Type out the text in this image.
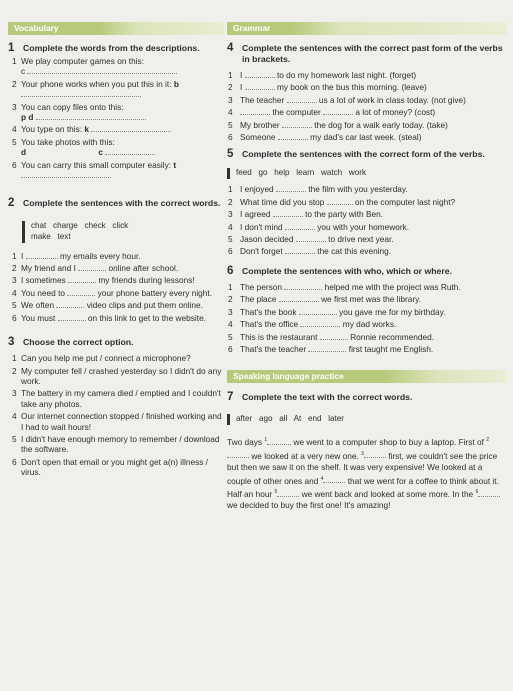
Vocabulary
1 Complete the words from the descriptions.
1 We play computer games on this:
c
2 Your phone works when you put this in it: b
3 You can copy files onto this:
p d
4 You type on this: k
5 You take photos with this:
d c
6 You can carry this small computer easily: t
2 Complete the sentences with the correct words.
chat   charge   check   click
make   text
1 I	my emails every hour.
2 My friend and I	online after school.
3 I sometimes	my friends during lessons!
4 You need to	your phone battery every night.
5 We often	video clips and put them online.
6 You must	on this link to get to the website.
3 Choose the correct option.
1 Can you help me put / connect a microphone?
2 My computer fell / crashed yesterday so I didn't do any work.
3 The battery in my camera died / emptied and I couldn't take any photos.
4 Our internet connection stopped / finished working and I had to wait hours!
5 I didn't have enough memory to remember / download the software.
6 Don't open that email or you might get a(n) illness / virus.
Grammar
4 Complete the sentences with the correct past form of the verbs in brackets.
1 I	to do my homework last night. (forget)
2 I	my book on the bus this morning. (leave)
3 The teacher	us a lot of work in class today. (not give)
4	the computer	a lot of money? (cost)
5 My brother	the dog for a walk early today. (take)
6 Someone	my dad's car last week. (steal)
5 Complete the sentences with the correct form of the verbs.
feed   go   help   learn   watch   work
1 I enjoyed	the film with you yesterday.
2 What time did you stop	on the computer last night?
3 I agreed	to the party with Ben.
4 I don't mind	you with your homework.
5 Jason decided	to drive next year.
6 Don't forget	the cat this evening.
6 Complete the sentences with who, which or where.
1 The person	helped me with the project was Ruth.
2 The place	we first met was the library.
3 That's the book	you gave me for my birthday.
4 That's the office	my dad works.
5 This is the restaurant	Ronnie recommended.
6 That's the teacher	first taught me English.
Speaking language practice
7 Complete the text with the correct words.
after   ago   all   At   end   later
Two days $^1$	we went to a computer shop to buy a laptop. First of $^2$ we looked at a very new one. $^3$	first, we couldn't see the price but then we saw it on the shelf. It was very expensive! We looked at a couple of other ones and $^4$	that we went for a coffee to think about it. Half an hour $^5$	we went back and looked at some more. In the $^6$ we decided to buy the first one! It's amazing!
